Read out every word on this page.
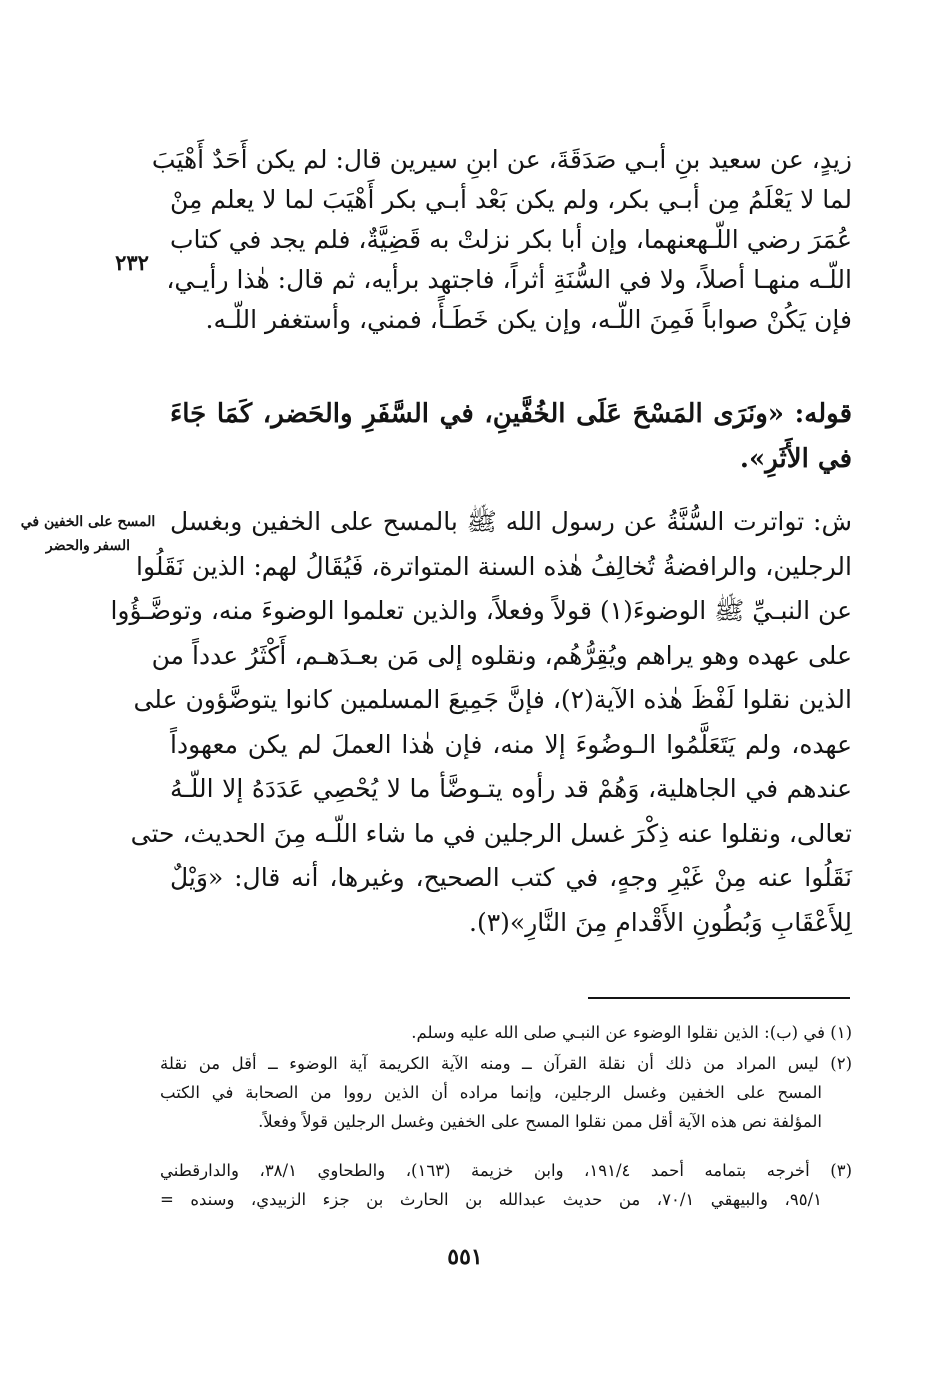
زيدٍ، عن سعيد بنِ أبـي صَدَقَةَ، عن ابنِ سيرين قال: لم يكن أَحَدٌ أَهْيَبَ
لما لا يَعْلَمُ مِن أبـي بكر، ولم يكن بَعْد أبـي بكر أَهْيَبَ لما لا يعلم مِنْ
عُمَرَ رضي اللّـهعنهما، وإن أبا بكر نزلتْ به قَضِيَّةٌ، فلم يجد في كتاب
اللّـه منهـا أصلاً، ولا في السُّنَةِ أثراً، فاجتهد برأيه، ثم قال: هٰذا رأيـي،
فإن يَكُنْ صواباً فَمِنَ اللّـه، وإن يكن خَطَـأً، فمني، وأستغفر اللّـه.
٢٣٢
قوله: «ونَرَى المَسْحَ عَلَى الخُفَّينِ، في السَّفَرِ والحَضر، كَمَا جَاءَ
في الأَثَرِ».
المسح على الخفين في السفر والحضر
ش: تواترت السُّنَّةُ عن رسول الله ﷺ بالمسح على الخفين وبغسل
الرجلين، والرافضةُ تُخالِفُ هٰذه السنة المتواترة، فَيُقَالُ لهم: الذين نَقَلُوا
عن النبـيِّ ﷺ الوضوءَ(١) قولاً وفعلاً، والذين تعلموا الوضوءَ منه، وتوضَّـؤُوا
على عهده وهو يراهم ويُقِرُّهُم، ونقلوه إلى مَن بعـدَهـم، أَكْثَرُ عدداً من
الذين نقلوا لَفْظَ هٰذه الآية(٢)، فإنَّ جَمِيعَ المسلمين كانوا يتوضَّؤون على
عهده، ولم يَتَعَلَّمُوا الـوضُوءَ إلا منه، فإن هٰذا العملَ لم يكن معهوداً
عندهم في الجاهلية، وَهُمْ قد رأوه يتـوضَّأ ما لا يُحْصِي عَدَدَهُ إلا اللّـهُ
تعالى، ونقلوا عنه ذِكْرَ غسل الرجلين في ما شاء اللّـه مِنَ الحديث، حتى
نَقَلُوا عنه مِنْ غَيْرِ وجهٍ، في كتب الصحيح، وغيرها، أنه قال: «وَيْلٌ
لِلأَعْقَابِ وَبُطُونِ الأَقْدامِ مِنَ النَّارِ»(٣).
(١) في (ب): الذين نقلوا الوضوء عن النبـي صلى الله عليه وسلم.
(٢) ليس المراد من ذلك أن نقلة القرآن ــ ومنه الآية الكريمة آية الوضوء ــ أقل من نقلة
المسح على الخفين وغسل الرجلين، وإنما مراده أن الذين رووا من الصحابة في الكتب
المؤلفة نص هذه الآية أقل ممن نقلوا المسح على الخفين وغسل الرجلين قولاً وفعلاً.
(٣) أخرجه بتمامه أحمد ١٩١/٤، وابن خزيمة (١٦٣)، والطحاوي ٣٨/١، والدارقطني
٩٥/١، والبيهقي ٧٠/١، من حديث عبدالله بن الحارث بن جزء الزبيدي، وسنده =
٥٥١
